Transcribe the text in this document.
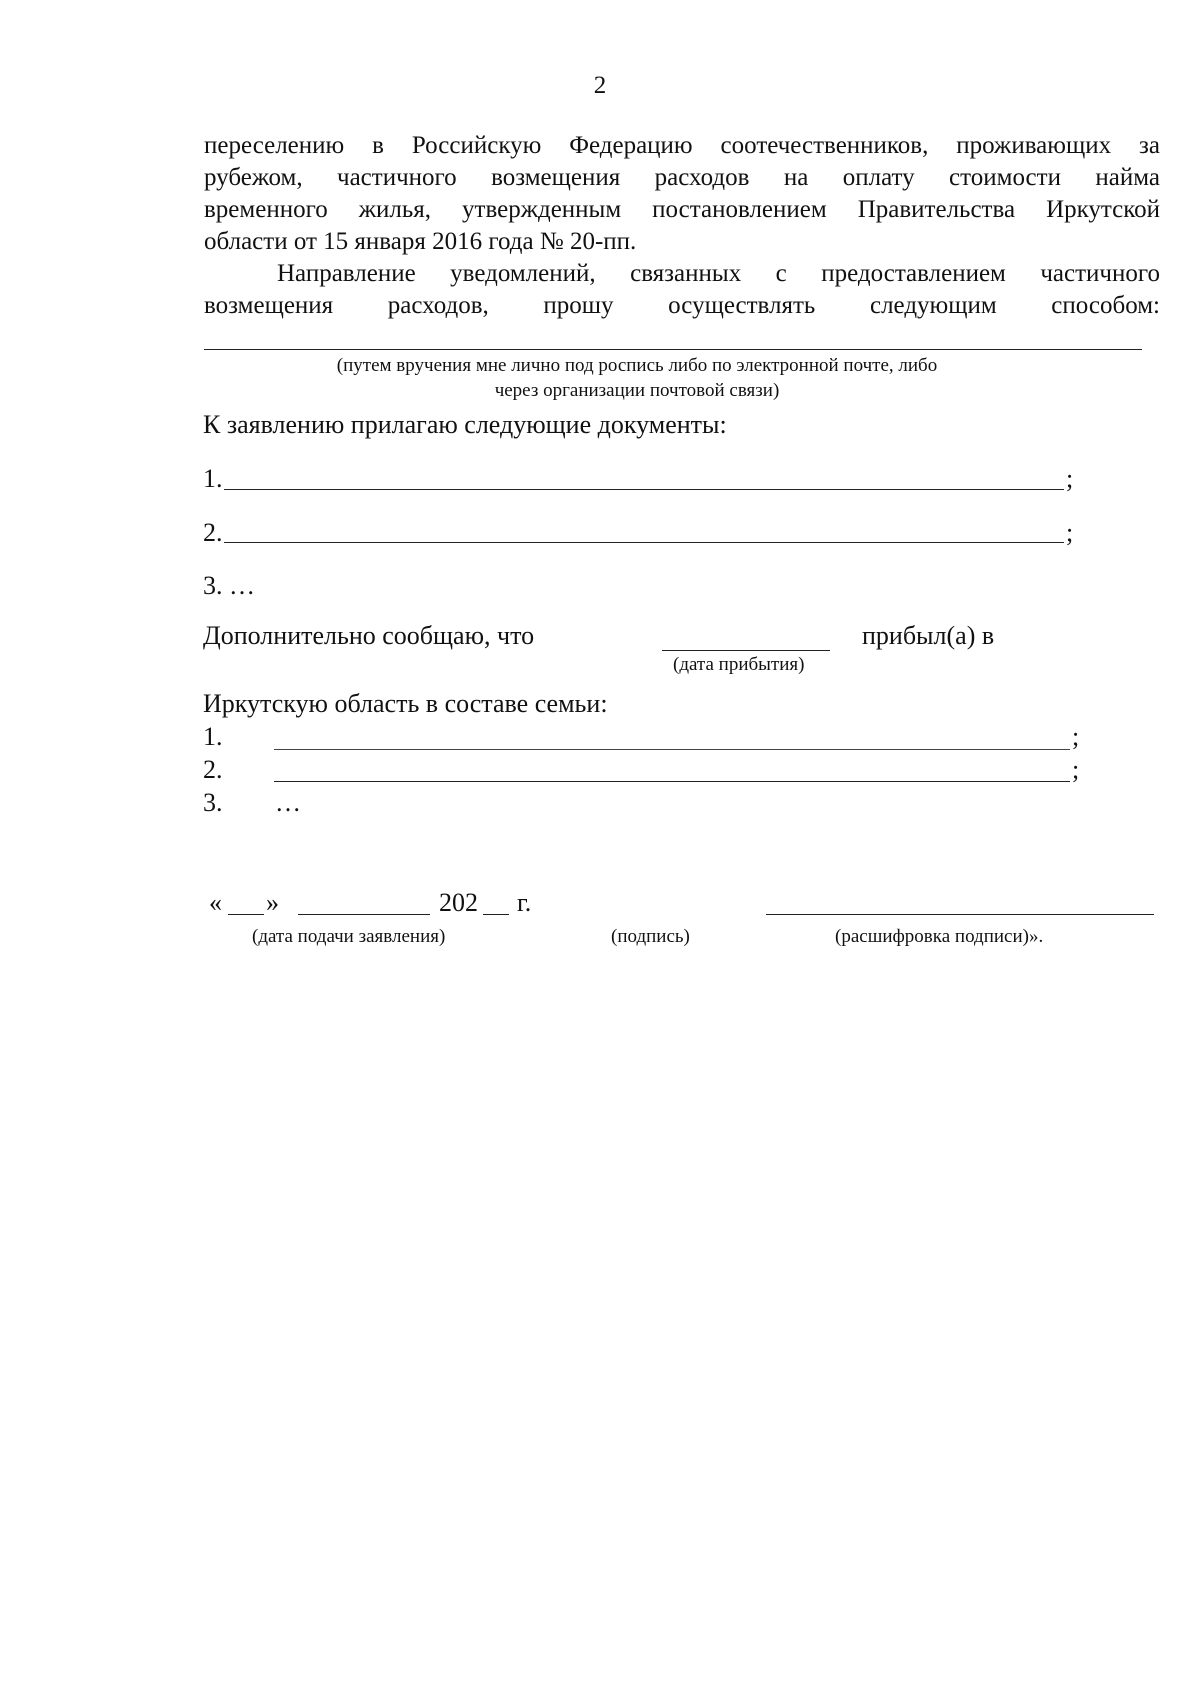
2
переселению в Российскую Федерацию соотечественников, проживающих за
рубежом, частичного возмещения расходов на оплату стоимости найма
временного жилья, утвержденным постановлением Правительства Иркутской
области от 15 января 2016 года № 20-пп.
Направление уведомлений, связанных с предоставлением частичного
возмещения расходов, прошу осуществлять следующим способом:
(путем вручения мне лично под роспись либо по электронной почте, либо
через организации почтовой связи)
К заявлению прилагаю следующие документы:
1.	;
2.	;
3. …
Дополнительно сообщаю, что	прибыл(а) в
(дата прибытия)
Иркутскую область в составе семьи:
1.	;
2.	;
3. …
« »	202 г.
(дата подачи заявления)	(подпись)	(расшифровка подписи)».
